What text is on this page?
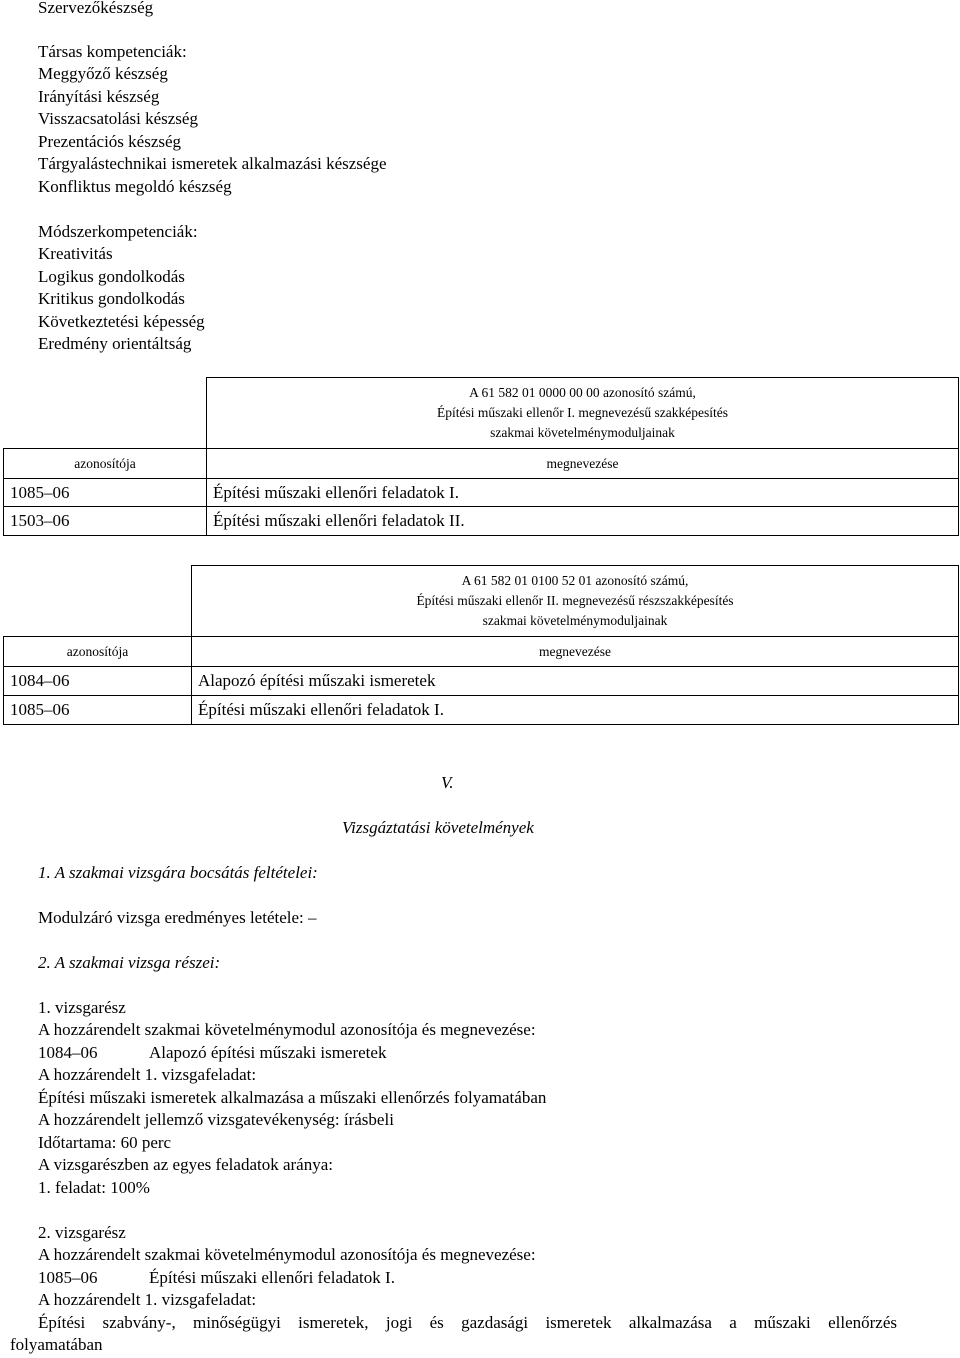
Szervezőkészség
Társas kompetenciák:
Meggyőző készség
Irányítási készség
Visszacsatolási készség
Prezentációs készség
Tárgyalástechnikai ismeretek alkalmazási készsége
Konfliktus megoldó készség
Módszerkompetenciák:
Kreativitás
Logikus gondolkodás
Kritikus gondolkodás
Következtetési képesség
Eredmény orientáltság

	A 61 582 01 0000 00 00 azonosító számú,
Építési műszaki ellenőr I. megnevezésű szakképesítés
szakmai követelménymoduljainak

azonosítója	megnevezése
1085–06	Építési műszaki ellenőri feladatok I.
1503–06	Építési műszaki ellenőri feladatok II.

	A 61 582 01 0100 52 01 azonosító számú,
Építési műszaki ellenőr II. megnevezésű részszakképesítés
szakmai követelménymoduljainak

azonosítója	megnevezése
1084–06	Alapozó építési műszaki ismeretek
1085–06	Építési műszaki ellenőri feladatok I.
V.
Vizsgáztatási követelmények
1. A szakmai vizsgára bocsátás feltételei:
Modulzáró vizsga eredményes letétele: –
2. A szakmai vizsga részei:
1. vizsgarész
A hozzárendelt szakmai követelménymodul azonosítója és megnevezése:
1084–06	Alapozó építési műszaki ismeretek
A hozzárendelt 1. vizsgafeladat:
Építési műszaki ismeretek alkalmazása a műszaki ellenőrzés folyamatában
A hozzárendelt jellemző vizsgatevékenység: írásbeli
Időtartama: 60 perc
A vizsgarészben az egyes feladatok aránya:
1. feladat: 100%
2. vizsgarész
A hozzárendelt szakmai követelménymodul azonosítója és megnevezése:
1085–06	Építési műszaki ellenőri feladatok I.
A hozzárendelt 1. vizsgafeladat:
Építési szabvány-, minőségügyi ismeretek, jogi és gazdasági ismeretek alkalmazása a műszaki ellenőrzés
folyamatában
